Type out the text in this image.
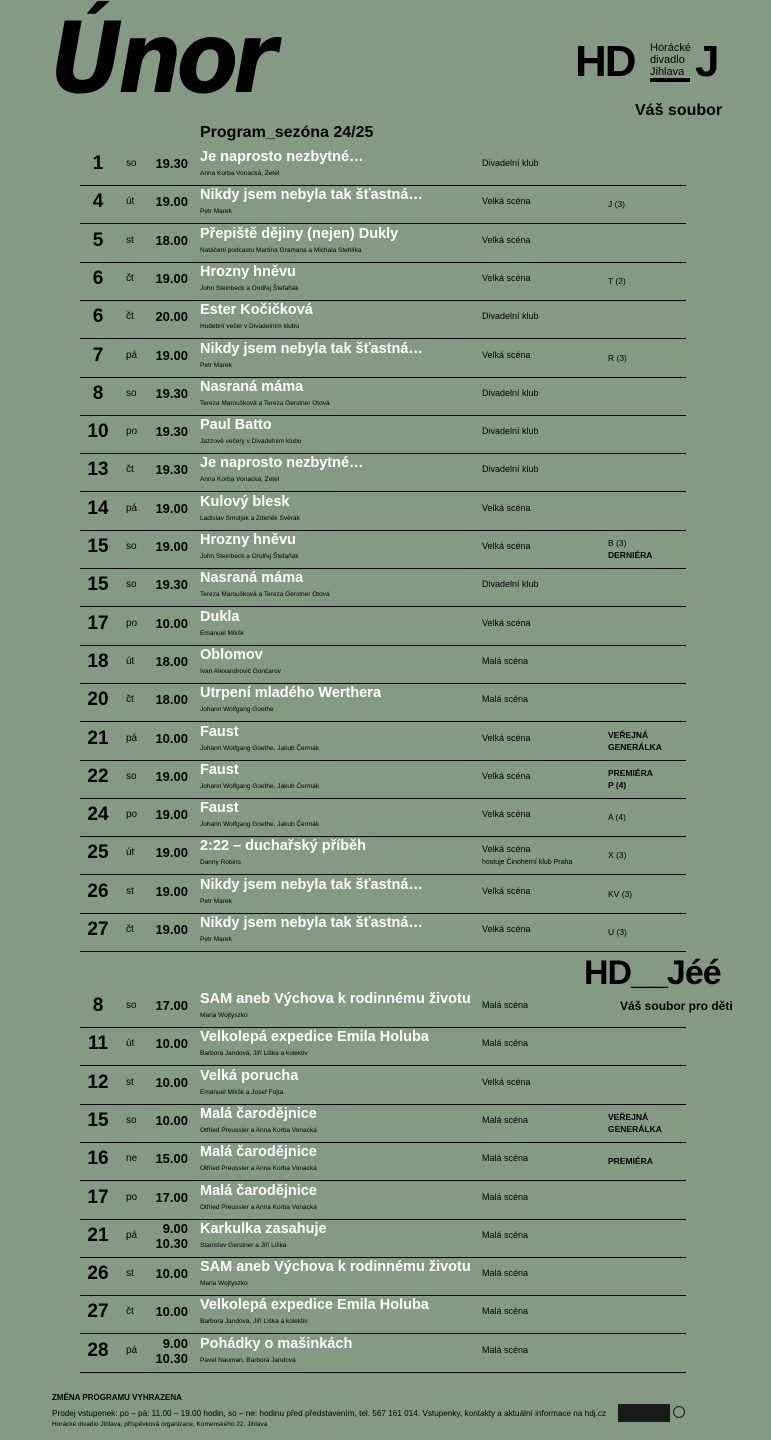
Únor
Program_sezóna 24/25
HD Horácké
divadlo
Jihlava J
Váš soubor
1	so 19.30 Je naprosto nezbytné…
Anna Korba Vonacká, Zetel
Divadelní klub
4	út 19.00 Nikdy jsem nebyla tak šťastná…
Petr Marek
Velká scéna	J (3)
5	st 18.00 Přepiště dějiny (nejen) Dukly
Natáčení podcastu Martina Gramana a Michala Stehlíka
Velká scéna
6	čt 19.00 Hrozny hněvu
John Steinbeck a Ondřej Štefaňák
Velká scéna	T (2)
6	čt 20.00 Ester Kočičková
Hudební večer v Divadelním klubu
Divadelní klub
7	pá 19.00 Nikdy jsem nebyla tak šťastná…
Petr Marek
Velká scéna	R (3)
8	so 19.30 Nasraná máma
Tereza Maroušková a Tereza Gerstner Otová
Divadelní klub
10	po 19.30 Paul Batto
Jazzové večery v Divadelním klubu
Divadelní klub
13	čt 19.30 Je naprosto nezbytné…
Anna Korba Vonacká, Zetel
Divadelní klub
14	pá 19.00 Kulový blesk
Ladislav Smoljak a Zdeněk Svěrák
Velká scéna
15	so 19.00 Hrozny hněvu
John Steinbeck a Ondřej Štefaňák
Velká scéna	B (3)
DERNIÉRA
15	so 19.30 Nasraná máma
Tereza Maroušková a Tereza Gerstner Otová
Divadelní klub
17	po 10.00 Dukla
Emanuel Mikšk
Velká scéna
18	út 18.00 Oblomov
Ivan Alexandrovič Gončarov
Malá scéna
20	čt 18.00 Utrpení mladého Werthera
Johann Wolfgang Goethe
Malá scéna
21	pá 10.00 Faust
Johann Wolfgang Goethe, Jakub Čermák
Velká scéna	VEŘEJNÁ
GENERÁLKA
22	so 19.00 Faust
Johann Wolfgang Goethe, Jakub Čermák
Velká scéna	PREMIÉRA
P (4)
24	po 19.00 Faust
Johann Wolfgang Goethe, Jakub Čermák
Velká scéna	A (4)
25	út 19.00 2:22 – duchařský příběh
Danny Robins
Velká scéna
hostuje Činoherní klub Praha
X (3)
26	st 19.00 Nikdy jsem nebyla tak šťastná…
Petr Marek
Velká scéna	KV (3)
27	čt 19.00 Nikdy jsem nebyla tak šťastná…
Petr Marek
Velká scéna	U (3)
HD__Jéé
Váš soubor pro děti
8	so 17.00 SAM aneb Výchova k rodinnému životu
Maria Wojtyszko
Malá scéna
11	út 10.00 Velkolepá expedice Emila Holuba
Barbora Jandová, Jiří Liška a kolektiv
Malá scéna
12	st 10.00 Velká porucha
Emanuel Mikšk a Josef Fojta
Velká scéna
15	so 10.00 Malá čarodějnice
Otfried Preussler a Anna Korba Vonacká
Malá scéna	VEŘEJNÁ
GENERÁLKA
16	ne 15.00 Malá čarodějnice
Otfried Preussler a Anna Korba Vonacká
Malá scéna	PREMIÉRA
17	po 17.00 Malá čarodějnice
Otfried Preussler a Anna Korba Vonacká
Malá scéna
21	pá	9.00
10.30
Karkulka zasahuje
Stanislav Gerstner a Jiří Liška
Malá scéna
26	st 10.00 SAM aneb Výchova k rodinnému životu
Maria Wojtyszko
Malá scéna
27	čt 10.00 Velkolepá expedice Emila Holuba
Barbora Jandová, Jiří Liška a kolektiv
Malá scéna
28	pá	9.00
10.30
Pohádky o mašinkách
Pavel Nauman, Barbora Jandová
Malá scéna
ZMĚNA PROGRAMU VYHRAZENA
Prodej vstupenek: po – pá: 11.00 – 19.00 hodin, so – ne: hodinu před představením, tel. 567 161 014. Vstupenky, kontakty a aktuální informace na hdj.cz
Horácké divadlo Jihlava, příspěvková organizace, Komenského 22, Jihlava
